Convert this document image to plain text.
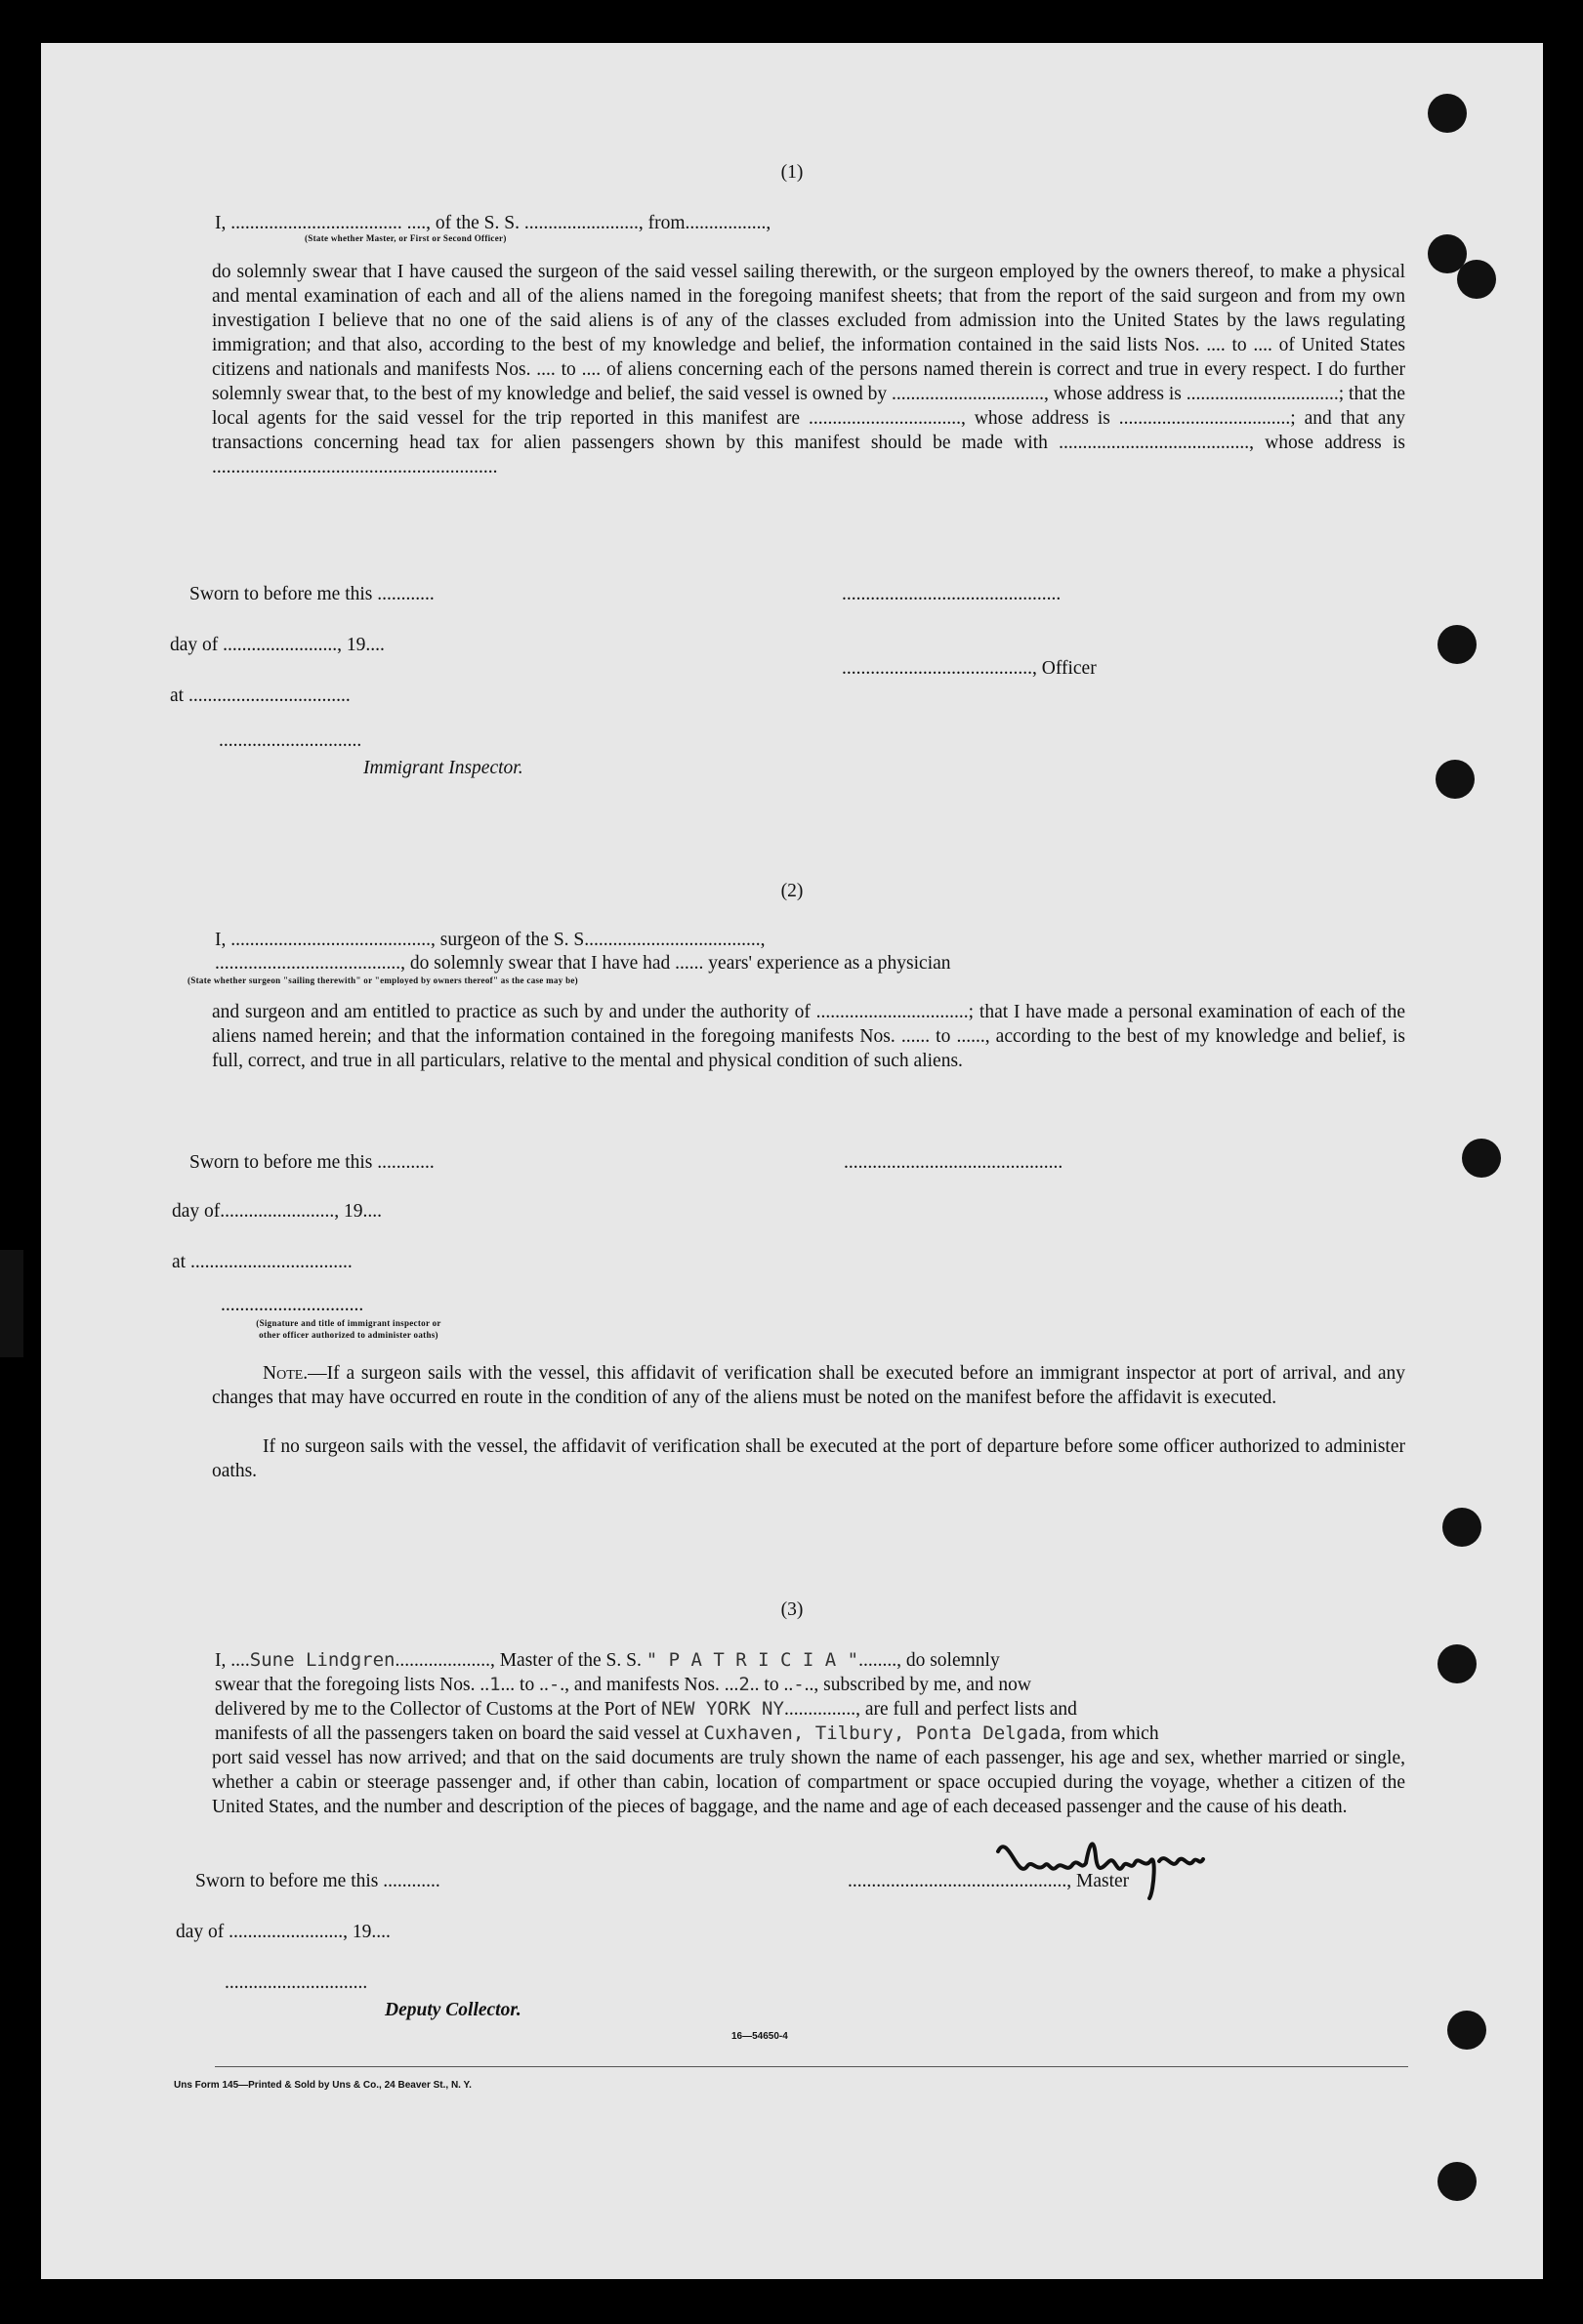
(1)
I, .................................... ...., of the S. S. ........................, from.................,
(State whether Master, or First or Second Officer)

do solemnly swear that I have caused the surgeon of the said vessel sailing therewith, or the surgeon employed by the owners thereof, to make a physical and mental examination of each and all of the aliens named in the foregoing manifest sheets; that from the report of the said surgeon and from my own investigation I believe that no one of the said aliens is of any of the classes excluded from admission into the United States by the laws regulating immigration; and that also, according to the best of my knowledge and belief, the information contained in the said lists Nos. .... to .... of United States citizens and nationals and manifests Nos. .... to .... of aliens concerning each of the persons named therein is correct and true in every respect. I do further solemnly swear that, to the best of my knowledge and belief, the said vessel is owned by ................................, whose address is ................................; that the local agents for the said vessel for the trip reported in this manifest are ................................, whose address is ....................................; and that any transactions concerning head tax for alien passengers shown by this manifest should be made with ........................................, whose address is ............................................................

Sworn to before me this ............	..............................................
day of ........................, 19....
........................................, Officer
at ..................................
..............................
Immigrant Inspector.
(2)
I, .........................................., surgeon of the S. S.....................................,
......................................., do solemnly swear that I have had ...... years' experience as a physician
(State whether surgeon "sailing therewith" or "employed by owners thereof" as the case may be)

and surgeon and am entitled to practice as such by and under the authority of ................................; that I have made a personal examination of each of the aliens named herein; and that the information contained in the foregoing manifests Nos. ...... to ......, according to the best of my knowledge and belief, is full, correct, and true in all particulars, relative to the mental and physical condition of such aliens.

Sworn to before me this ............	..............................................
day of........................, 19....
at ..................................
..............................
(Signature and title of immigrant inspector or
other officer authorized to administer oaths)

Note.—If a surgeon sails with the vessel, this affidavit of verification shall be executed before an immigrant inspector at port of arrival, and any changes that may have occurred en route in the condition of any of the aliens must be noted on the manifest before the affidavit is executed.

If no surgeon sails with the vessel, the affidavit of verification shall be executed at the port of departure before some officer authorized to administer oaths.

(3)
I, ....Sune Lindgren...................., Master of the S. S. " P A T R I C I A "........, do solemnly
swear that the foregoing lists Nos. ..1... to ..-., and manifests Nos. ...2.. to ..-.., subscribed by me, and now
delivered by me to the Collector of Customs at the Port of NEW YORK NY..............., are full and perfect lists and
manifests of all the passengers taken on board the said vessel at Cuxhaven, Tilbury, Ponta Delgada, from which

port said vessel has now arrived; and that on the said documents are truly shown the name of each passenger, his age and sex, whether married or single, whether a cabin or steerage passenger and, if other than cabin, location of compartment or space occupied during the voyage, whether a citizen of the United States, and the number and description of the pieces of baggage, and the name and age of each deceased passenger and the cause of his death.

Sworn to before me this ............	.............................................., Master
day of ........................, 19....
..............................
Deputy Collector.
16—54650-4
Uns Form 145—Printed & Sold by Uns & Co., 24 Beaver St., N. Y.
